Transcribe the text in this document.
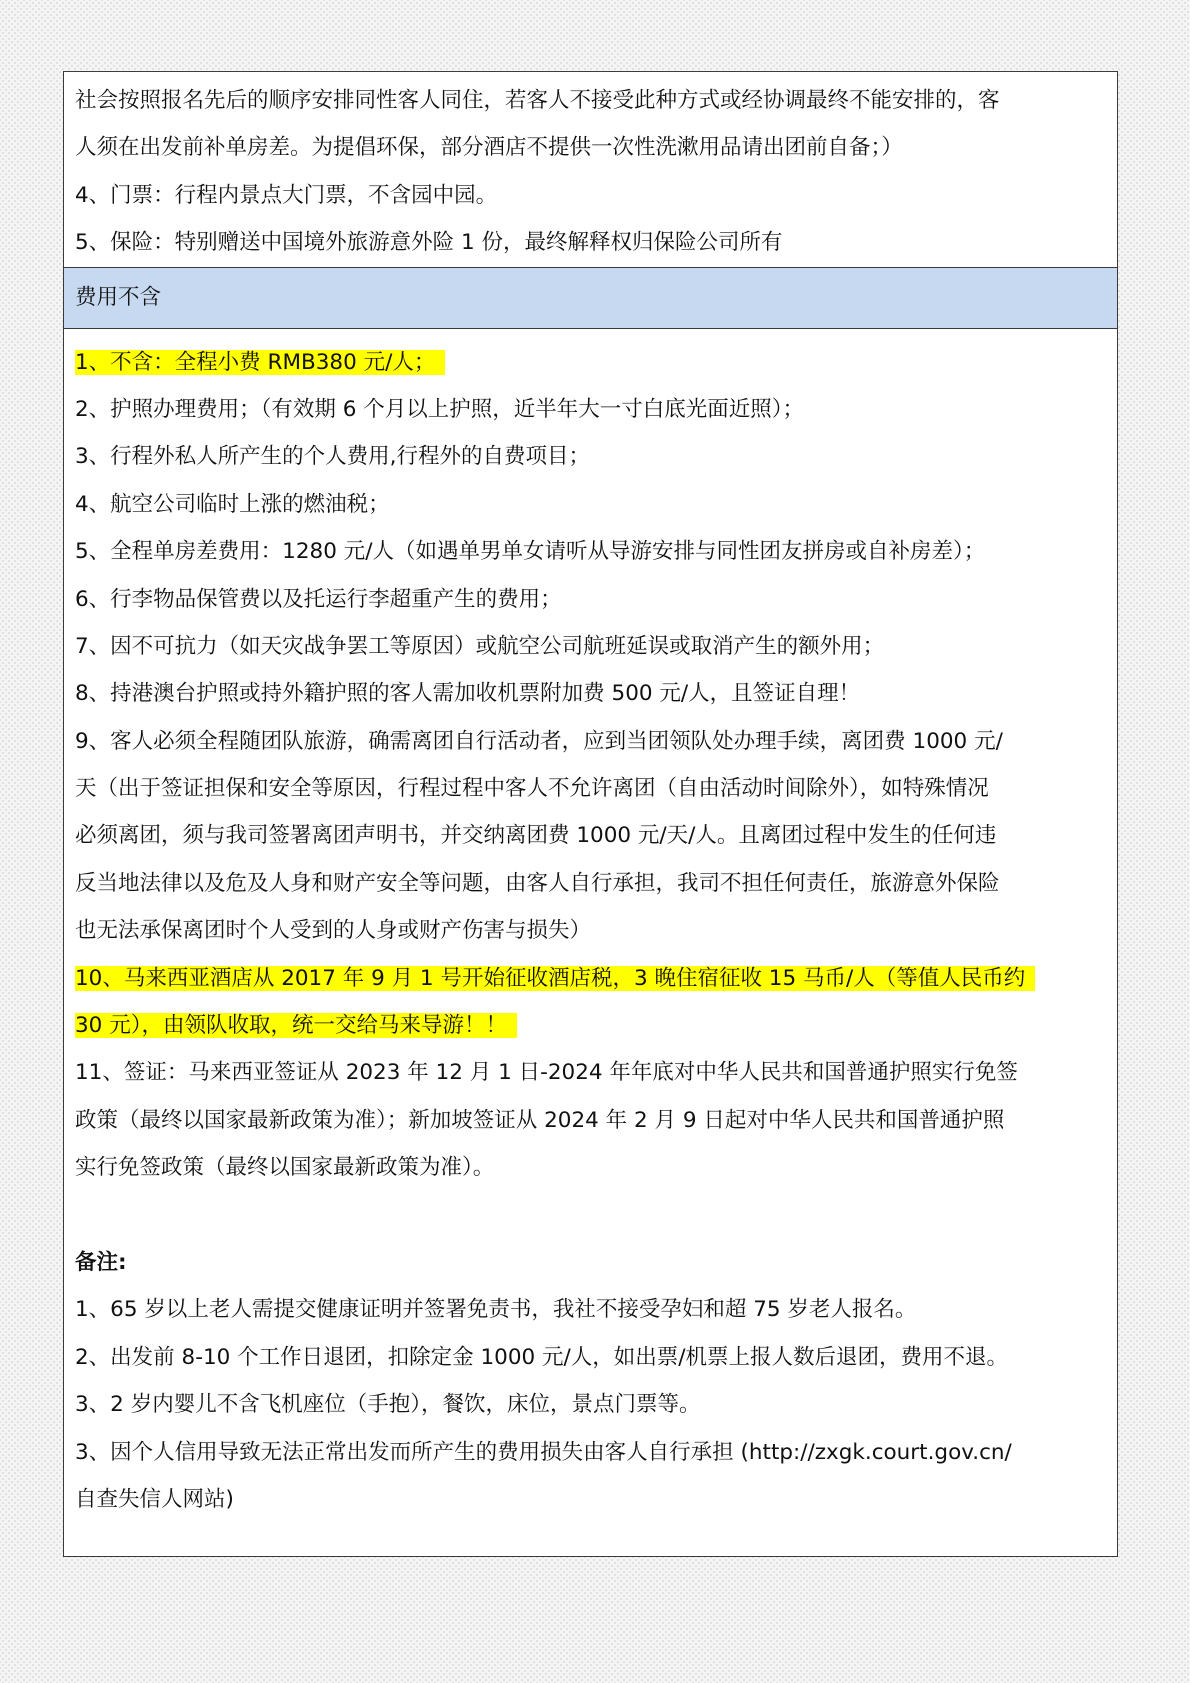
社会按照报名先后的顺序安排同性客人同住，若客人不接受此种方式或经协调最终不能安排的，客
人须在出发前补单房差。为提倡环保，部分酒店不提供一次性洗漱用品请出团前自备；）
4、门票：行程内景点大门票，不含园中园。
5、保险：特别赠送中国境外旅游意外险 1 份，最终解释权归保险公司所有
费用不含
1、不含：全程小费 RMB380 元/人；
2、护照办理费用；（有效期 6 个月以上护照，近半年大一寸白底光面近照）；
3、行程外私人所产生的个人费用,行程外的自费项目；
4、航空公司临时上涨的燃油税；
5、全程单房差费用：1280 元/人（如遇单男单女请听从导游安排与同性团友拼房或自补房差）；
6、行李物品保管费以及托运行李超重产生的费用；
7、因不可抗力（如天灾战争罢工等原因）或航空公司航班延误或取消产生的额外用；
8、持港澳台护照或持外籍护照的客人需加收机票附加费 500 元/人，且签证自理！
9、客人必须全程随团队旅游，确需离团自行活动者，应到当团领队处办理手续，离团费 1000 元/
天（出于签证担保和安全等原因，行程过程中客人不允许离团（自由活动时间除外），如特殊情况
必须离团，须与我司签署离团声明书，并交纳离团费 1000 元/天/人。且离团过程中发生的任何违
反当地法律以及危及人身和财产安全等问题，由客人自行承担，我司不担任何责任，旅游意外保险
也无法承保离团时个人受到的人身或财产伤害与损失）
10、马来西亚酒店从 2017 年 9 月 1 号开始征收酒店税，3 晚住宿征收 15 马币/人（等值人民币约
30 元），由领队收取，统一交给马来导游！！
11、签证：马来西亚签证从 2023 年 12 月 1 日-2024 年年底对中华人民共和国普通护照实行免签
政策（最终以国家最新政策为准）；新加坡签证从 2024 年 2 月 9 日起对中华人民共和国普通护照
实行免签政策（最终以国家最新政策为准）。
备注:
1、65 岁以上老人需提交健康证明并签署免责书，我社不接受孕妇和超 75 岁老人报名。
2、出发前 8-10 个工作日退团，扣除定金 1000 元/人，如出票/机票上报人数后退团，费用不退。
3、2 岁内婴儿不含飞机座位（手抱），餐饮，床位，景点门票等。
3、因个人信用导致无法正常出发而所产生的费用损失由客人自行承担 (http://zxgk.court.gov.cn/
自查失信人网站)
